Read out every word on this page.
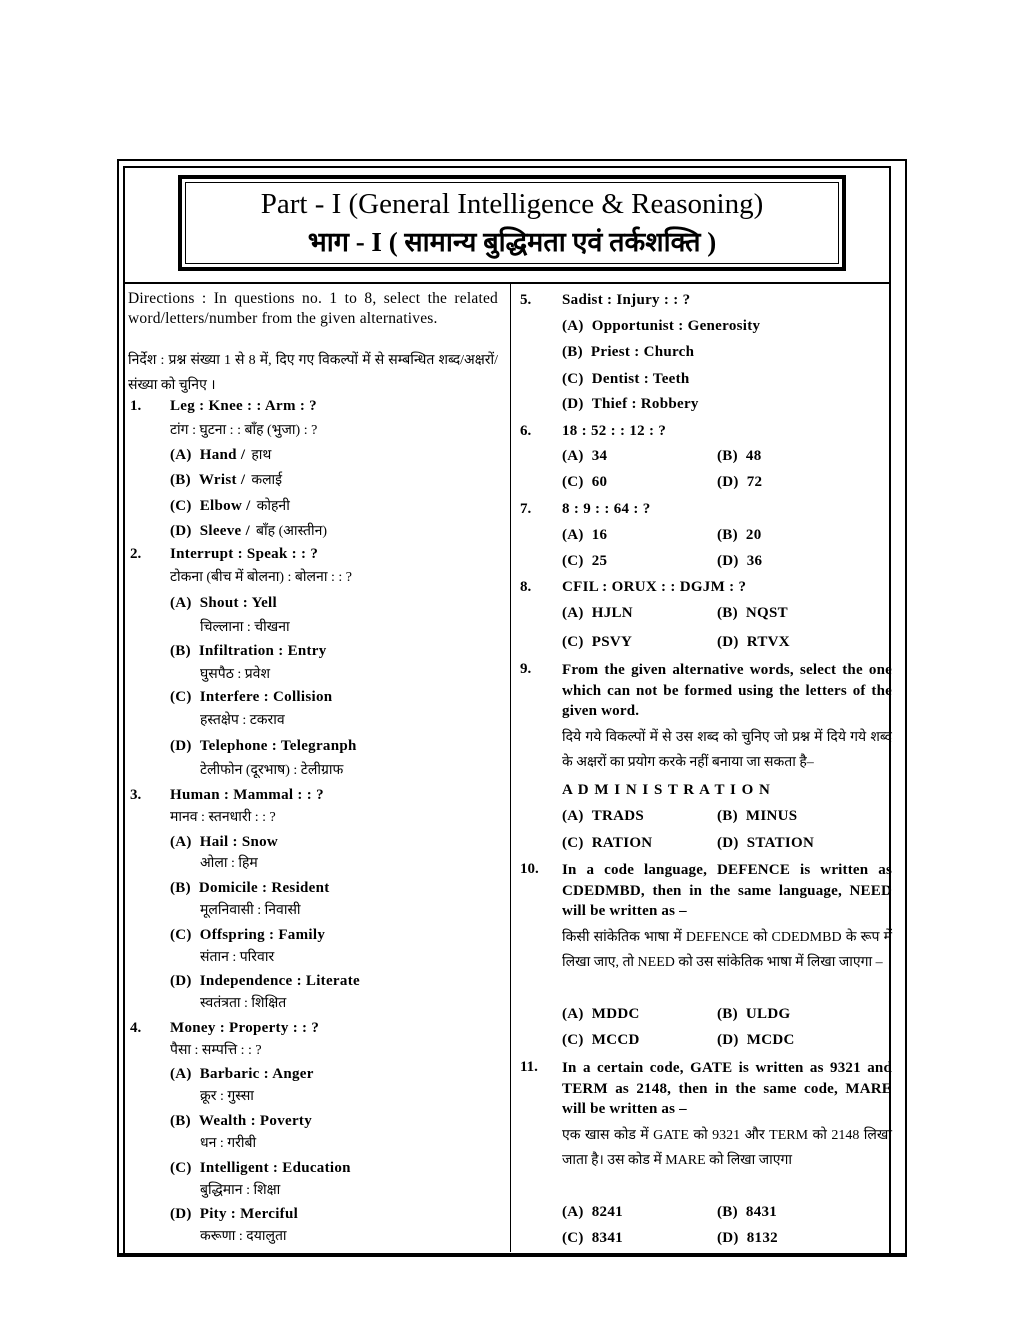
Part - I (General Intelligence & Reasoning)
भाग - I ( सामान्य बुद्धिमता एवं तर्कशक्ति )
Directions : In questions no. 1 to 8, select the related word/letters/number from the given alternatives.
निर्देश : प्रश्न संख्या 1 से 8 में, दिए गए विकल्पों में से सम्बन्धित शब्द/अक्षरों/संख्या को चुनिए ।
1. Leg : Knee : : Arm : ?
टांग : घुटना : : बाँह (भुजा) : ?
(A) Hand / हाथ
(B) Wrist / कलाई
(C) Elbow / कोहनी
(D) Sleeve / बाँह (आस्तीन)
2. Interrupt : Speak : : ?
टोकना (बीच में बोलना) : बोलना : : ?
(A) Shout : Yell
चिल्लाना : चीखना
(B) Infiltration : Entry
घुसपैठ : प्रवेश
(C) Interfere : Collision
हस्तक्षेप : टकराव
(D) Telephone : Telegranph
टेलीफोन (दूरभाष) : टेलीग्राफ
3. Human : Mammal : : ?
मानव : स्तनधारी : : ?
(A) Hail : Snow
ओला : हिम
(B) Domicile : Resident
मूलनिवासी : निवासी
(C) Offspring : Family
संतान : परिवार
(D) Independence : Literate
स्वतंत्रता : शिक्षित
4. Money : Property : : ?
पैसा : सम्पत्ति : : ?
(A) Barbaric : Anger
क्रूर : गुस्सा
(B) Wealth : Poverty
धन : गरीबी
(C) Intelligent : Education
बुद्धिमान : शिक्षा
(D) Pity : Merciful
करूणा : दयालुता
5. Sadist : Injury : : ?
(A) Opportunist : Generosity
(B) Priest : Church
(C) Dentist : Teeth
(D) Thief : Robbery
6. 18 : 52 : : 12 : ?
(A) 34	(B) 48
(C) 60	(D) 72
7. 8 : 9 : : 64 : ?
(A) 16	(B) 20
(C) 25	(D) 36
8. CFIL : ORUX : : DGJM : ?
(A) HJLN	(B) NQST
(C) PSVY	(D) RTVX
9. From the given alternative words, select the one which can not be formed using the letters of the given word.
दिये गये विकल्पों में से उस शब्द को चुनिए जो प्रश्न में दिये गये शब्द के अक्षरों का प्रयोग करके नहीं बनाया जा सकता है–
A D M I N I S T R A T I O N
(A) TRADS	(B) MINUS
(C) RATION	(D) STATION
10. In a code language, DEFENCE is written as CDEDMBD, then in the same language, NEED will be written as –
किसी सांकेतिक भाषा में DEFENCE को CDEDMBD के रूप में लिखा जाए, तो NEED को उस सांकेतिक भाषा में लिखा जाएगा –
(A) MDDC	(B) ULDG
(C) MCCD	(D) MCDC
11. In a certain code, GATE is written as 9321 and TERM as 2148, then in the same code, MARE will be written as –
एक खास कोड में GATE को 9321 और TERM को 2148 लिखा जाता है। उस कोड में MARE को लिखा जाएगा
(A) 8241	(B) 8431
(C) 8341	(D) 8132
